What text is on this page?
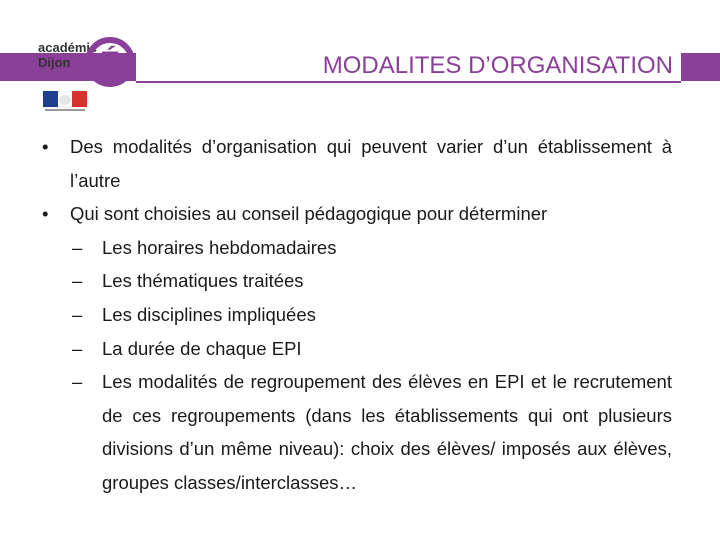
MODALITES D’ORGANISATION
académie
Dijon É
• Des modalités d’organisation qui peuvent varier d’un établissement à l’autre
• Qui sont choisies au conseil pédagogique pour déterminer
– Les horaires hebdomadaires
– Les thématiques traitées
– Les disciplines impliquées
– La durée de chaque EPI
– Les modalités de regroupement des élèves en EPI et le recrutement de ces regroupements (dans les établissements qui ont plusieurs divisions d’un même niveau): choix des élèves/ imposés aux élèves, groupes classes/interclasses…
